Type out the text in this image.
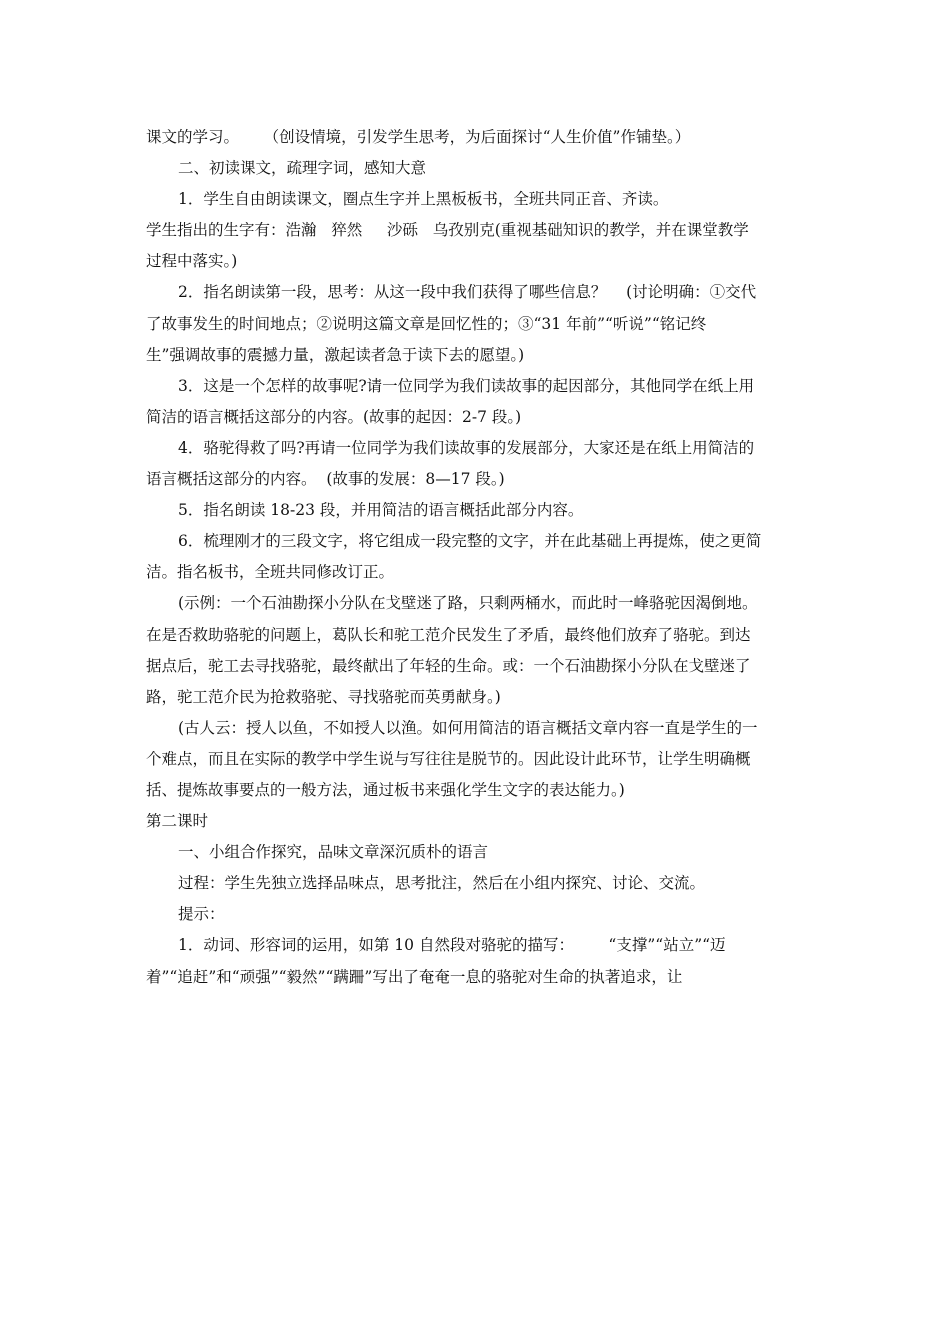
课文的学习。     （创设情境，引发学生思考，为后面探讨“人生价值”作铺垫。）
二、初读课文，疏理字词，感知大意
1．学生自由朗读课文，圈点生字并上黑板板书，全班共同正音、齐读。
学生指出的生字有：浩瀚   猝然     沙砾   乌孜别克(重视基础知识的教学，并在课堂教学
过程中落实。)
2．指名朗读第一段，思考：从这一段中我们获得了哪些信息？    (讨论明确：①交代
了故事发生的时间地点；②说明这篇文章是回忆性的；③“31 年前”“听说”“铭记终
生”强调故事的震撼力量，激起读者急于读下去的愿望。)
3．这是一个怎样的故事呢?请一位同学为我们读故事的起因部分，其他同学在纸上用
简洁的语言概括这部分的内容。(故事的起因：2-7 段。)
4．骆驼得救了吗?再请一位同学为我们读故事的发展部分，大家还是在纸上用简洁的
语言概括这部分的内容。  (故事的发展：8—17 段。)
5．指名朗读 18-23 段，并用简洁的语言概括此部分内容。
6．梳理刚才的三段文字，将它组成一段完整的文字，并在此基础上再提炼，使之更简
洁。指名板书，全班共同修改订正。
(示例：一个石油勘探小分队在戈壁迷了路，只剩两桶水，而此时一峰骆驼因渴倒地。
在是否救助骆驼的问题上，葛队长和驼工范介民发生了矛盾，最终他们放弃了骆驼。到达
据点后，驼工去寻找骆驼，最终献出了年轻的生命。或：一个石油勘探小分队在戈壁迷了
路，驼工范介民为抢救骆驼、寻找骆驼而英勇献身。)
(古人云：授人以鱼，不如授人以渔。如何用简洁的语言概括文章内容一直是学生的一
个难点，而且在实际的教学中学生说与写往往是脱节的。因此设计此环节，让学生明确概
括、提炼故事要点的一般方法，通过板书来强化学生文字的表达能力。)
第二课时
一、小组合作探究，品味文章深沉质朴的语言
过程：学生先独立选择品味点，思考批注，然后在小组内探究、讨论、交流。
提示：
1．动词、形容词的运用，如第 10 自然段对骆驼的描写：       “支撑”“站立”“迈
着”“追赶”和“顽强”“毅然”“蹒跚”写出了奄奄一息的骆驼对生命的执著追求，让
